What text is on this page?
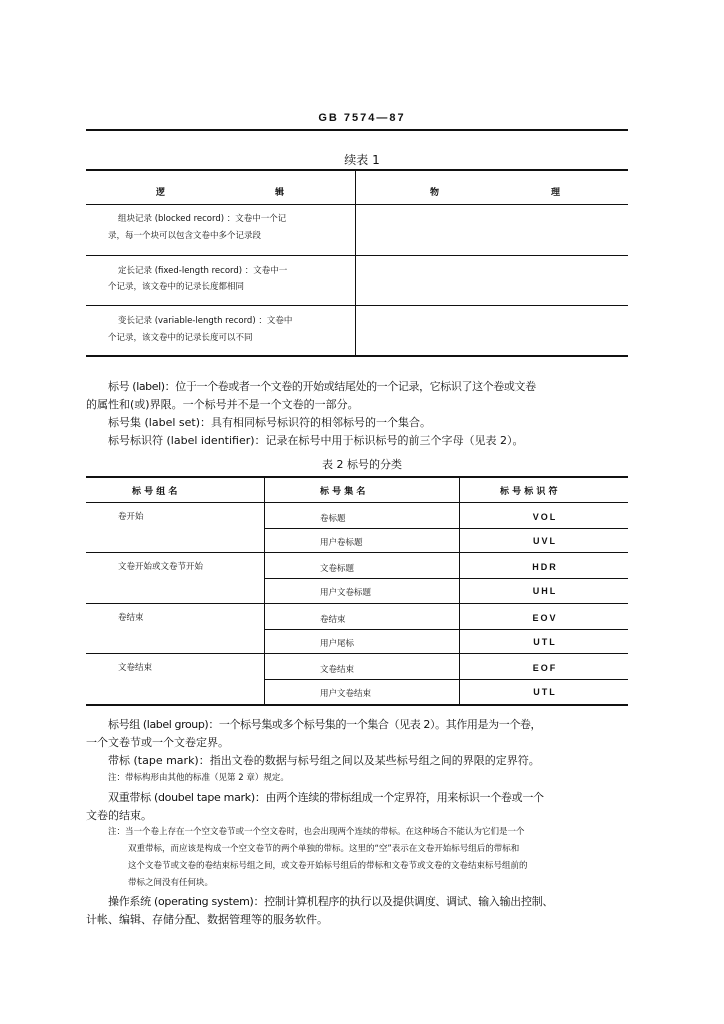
GB 7574—87
续表 1
逻	辑	物	理
组块记录 (blocked record) ：文卷中一个记
录，每一个块可以包含文卷中多个记录段
定长记录 (fixed-length record) ：文卷中一
个记录，该文卷中的记录长度都相同
变长记录 (variable-length record) ：文卷中
个记录，该文卷中的记录长度可以不同
标号 (label)：位于一个卷或者一个文卷的开始或结尾处的一个记录，它标识了这个卷或文卷
的属性和(或)界限。一个标号并不是一个文卷的一部分。
标号集 (label set)：具有相同标号标识符的相邻标号的一个集合。
标号标识符 (label identifier)：记录在标号中用于标识标号的前三个字母（见表 2）。
表 2 标号的分类
标 号 组 名	标 号 集 名	标 号 标 识 符
卷开始	卷标题	VOL
用户卷标题	UVL
文卷开始或文卷节开始	文卷标题	HDR
用户文卷标题	UHL
卷结束	卷结束	EOV
用户尾标	UTL
文卷结束	文卷结束	EOF
用户文卷结束	UTL
标号组 (label group)：一个标号集或多个标号集的一个集合（见表 2）。其作用是为一个卷，
一个文卷节或一个文卷定界。
带标 (tape mark)：指出文卷的数据与标号组之间以及某些标号组之间的界限的定界符。
注：带标构形由其他的标准（见第 2 章）规定。
双重带标 (doubel tape mark)：由两个连续的带标组成一个定界符，用来标识一个卷或一个
文卷的结束。
注：当一个卷上存在一个空文卷节或一个空文卷时，也会出现两个连续的带标。在这种场合不能认为它们是一个
双重带标，而应该是构成一个空文卷节的两个单独的带标。这里的“空”表示在文卷开始标号组后的带标和
这个文卷节或文卷的卷结束标号组之间，或文卷开始标号组后的带标和文卷节或文卷的文卷结束标号组前的
带标之间没有任何块。
操作系统 (operating system)：控制计算机程序的执行以及提供调度、调试、输入输出控制、
计帐、编辑、存储分配、数据管理等的服务软件。
